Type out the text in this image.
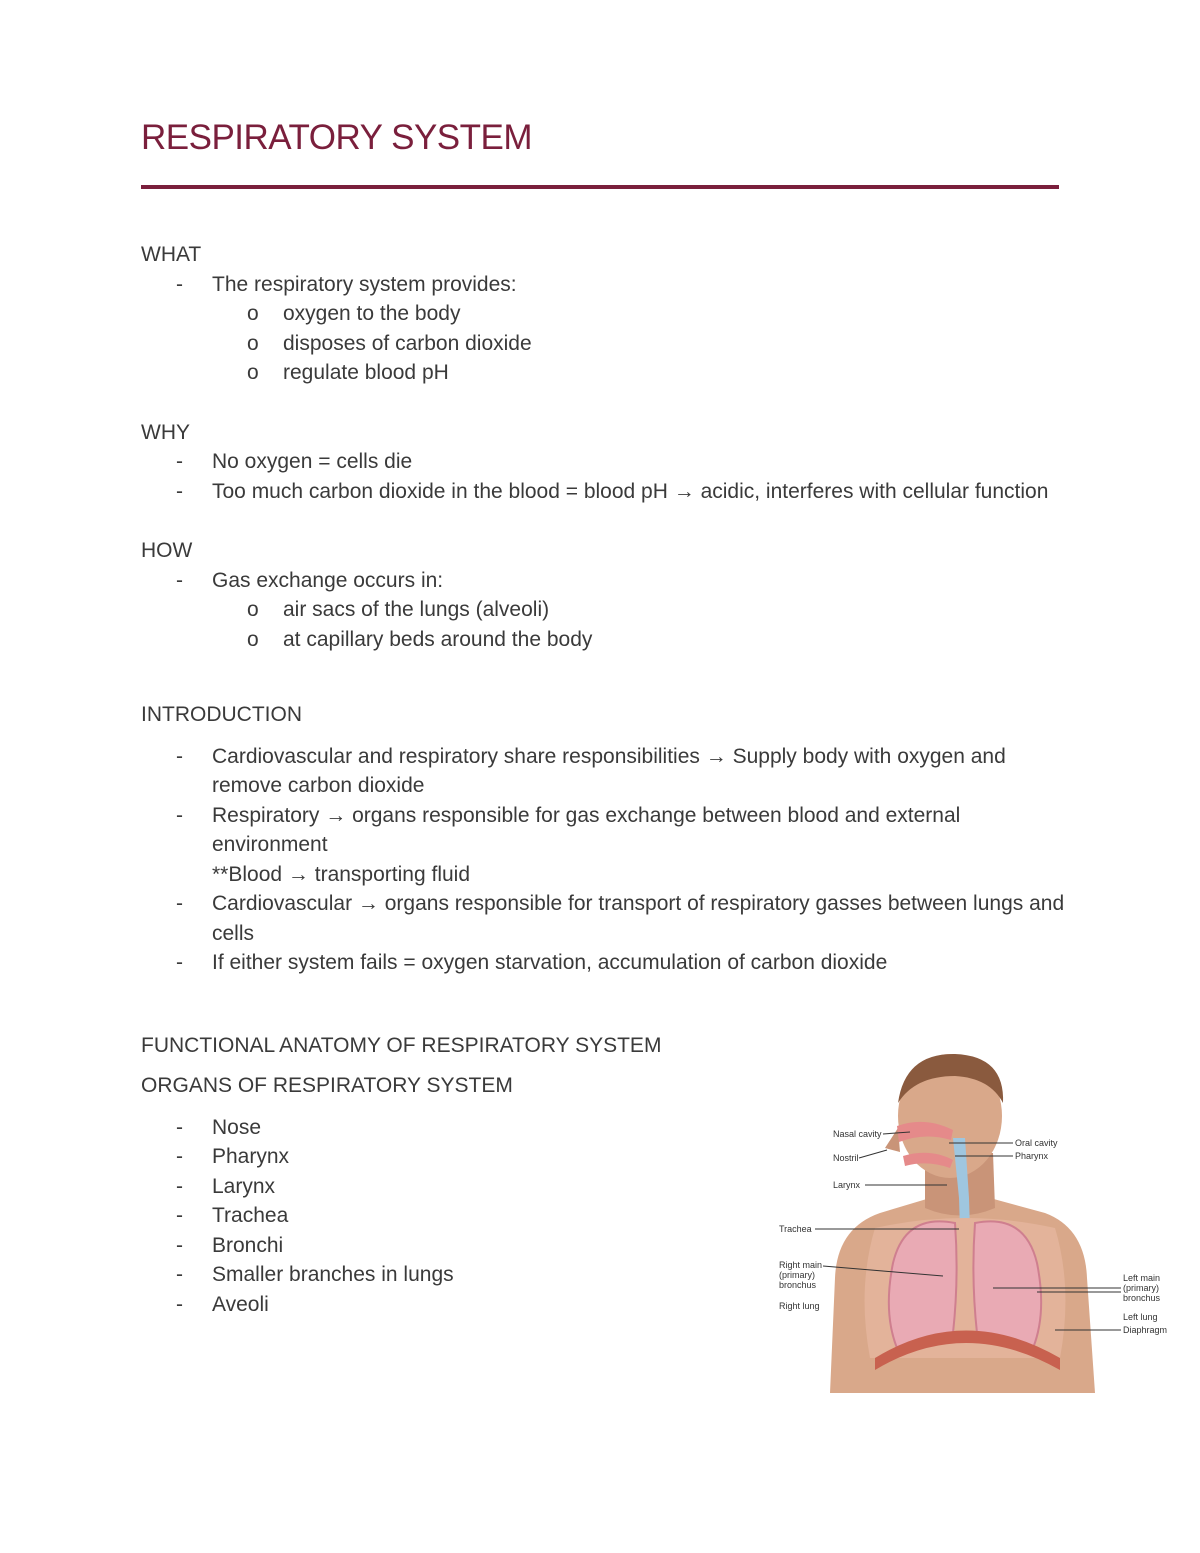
RESPIRATORY SYSTEM

WHAT

- The respiratory system provides:
o oxygen to the body
o disposes of carbon dioxide
o regulate blood pH

WHY

- No oxygen = cells die
- Too much carbon dioxide in the blood = blood pH → acidic, interferes with cellular function

HOW

- Gas exchange occurs in:
o air sacs of the lungs (alveoli)
o at capillary beds around the body

INTRODUCTION

- Cardiovascular and respiratory share responsibilities → Supply body with oxygen and remove carbon dioxide
- Respiratory → organs responsible for gas exchange between blood and external environment
**Blood → transporting fluid
- Cardiovascular → organs responsible for transport of respiratory gasses between lungs and cells
- If either system fails = oxygen starvation, accumulation of carbon dioxide

FUNCTIONAL ANATOMY OF RESPIRATORY SYSTEM

ORGANS OF RESPIRATORY SYSTEM

- Nose
- Pharynx
- Larynx
- Trachea
- Bronchi
- Smaller branches in lungs
- Aveoli
Nasal cavity
Nostril
Larynx
Trachea
Right main
(primary)
bronchus
Right lung
Oral cavity
Pharynx
Left main
(primary)
bronchus
Left lung
Diaphragm
